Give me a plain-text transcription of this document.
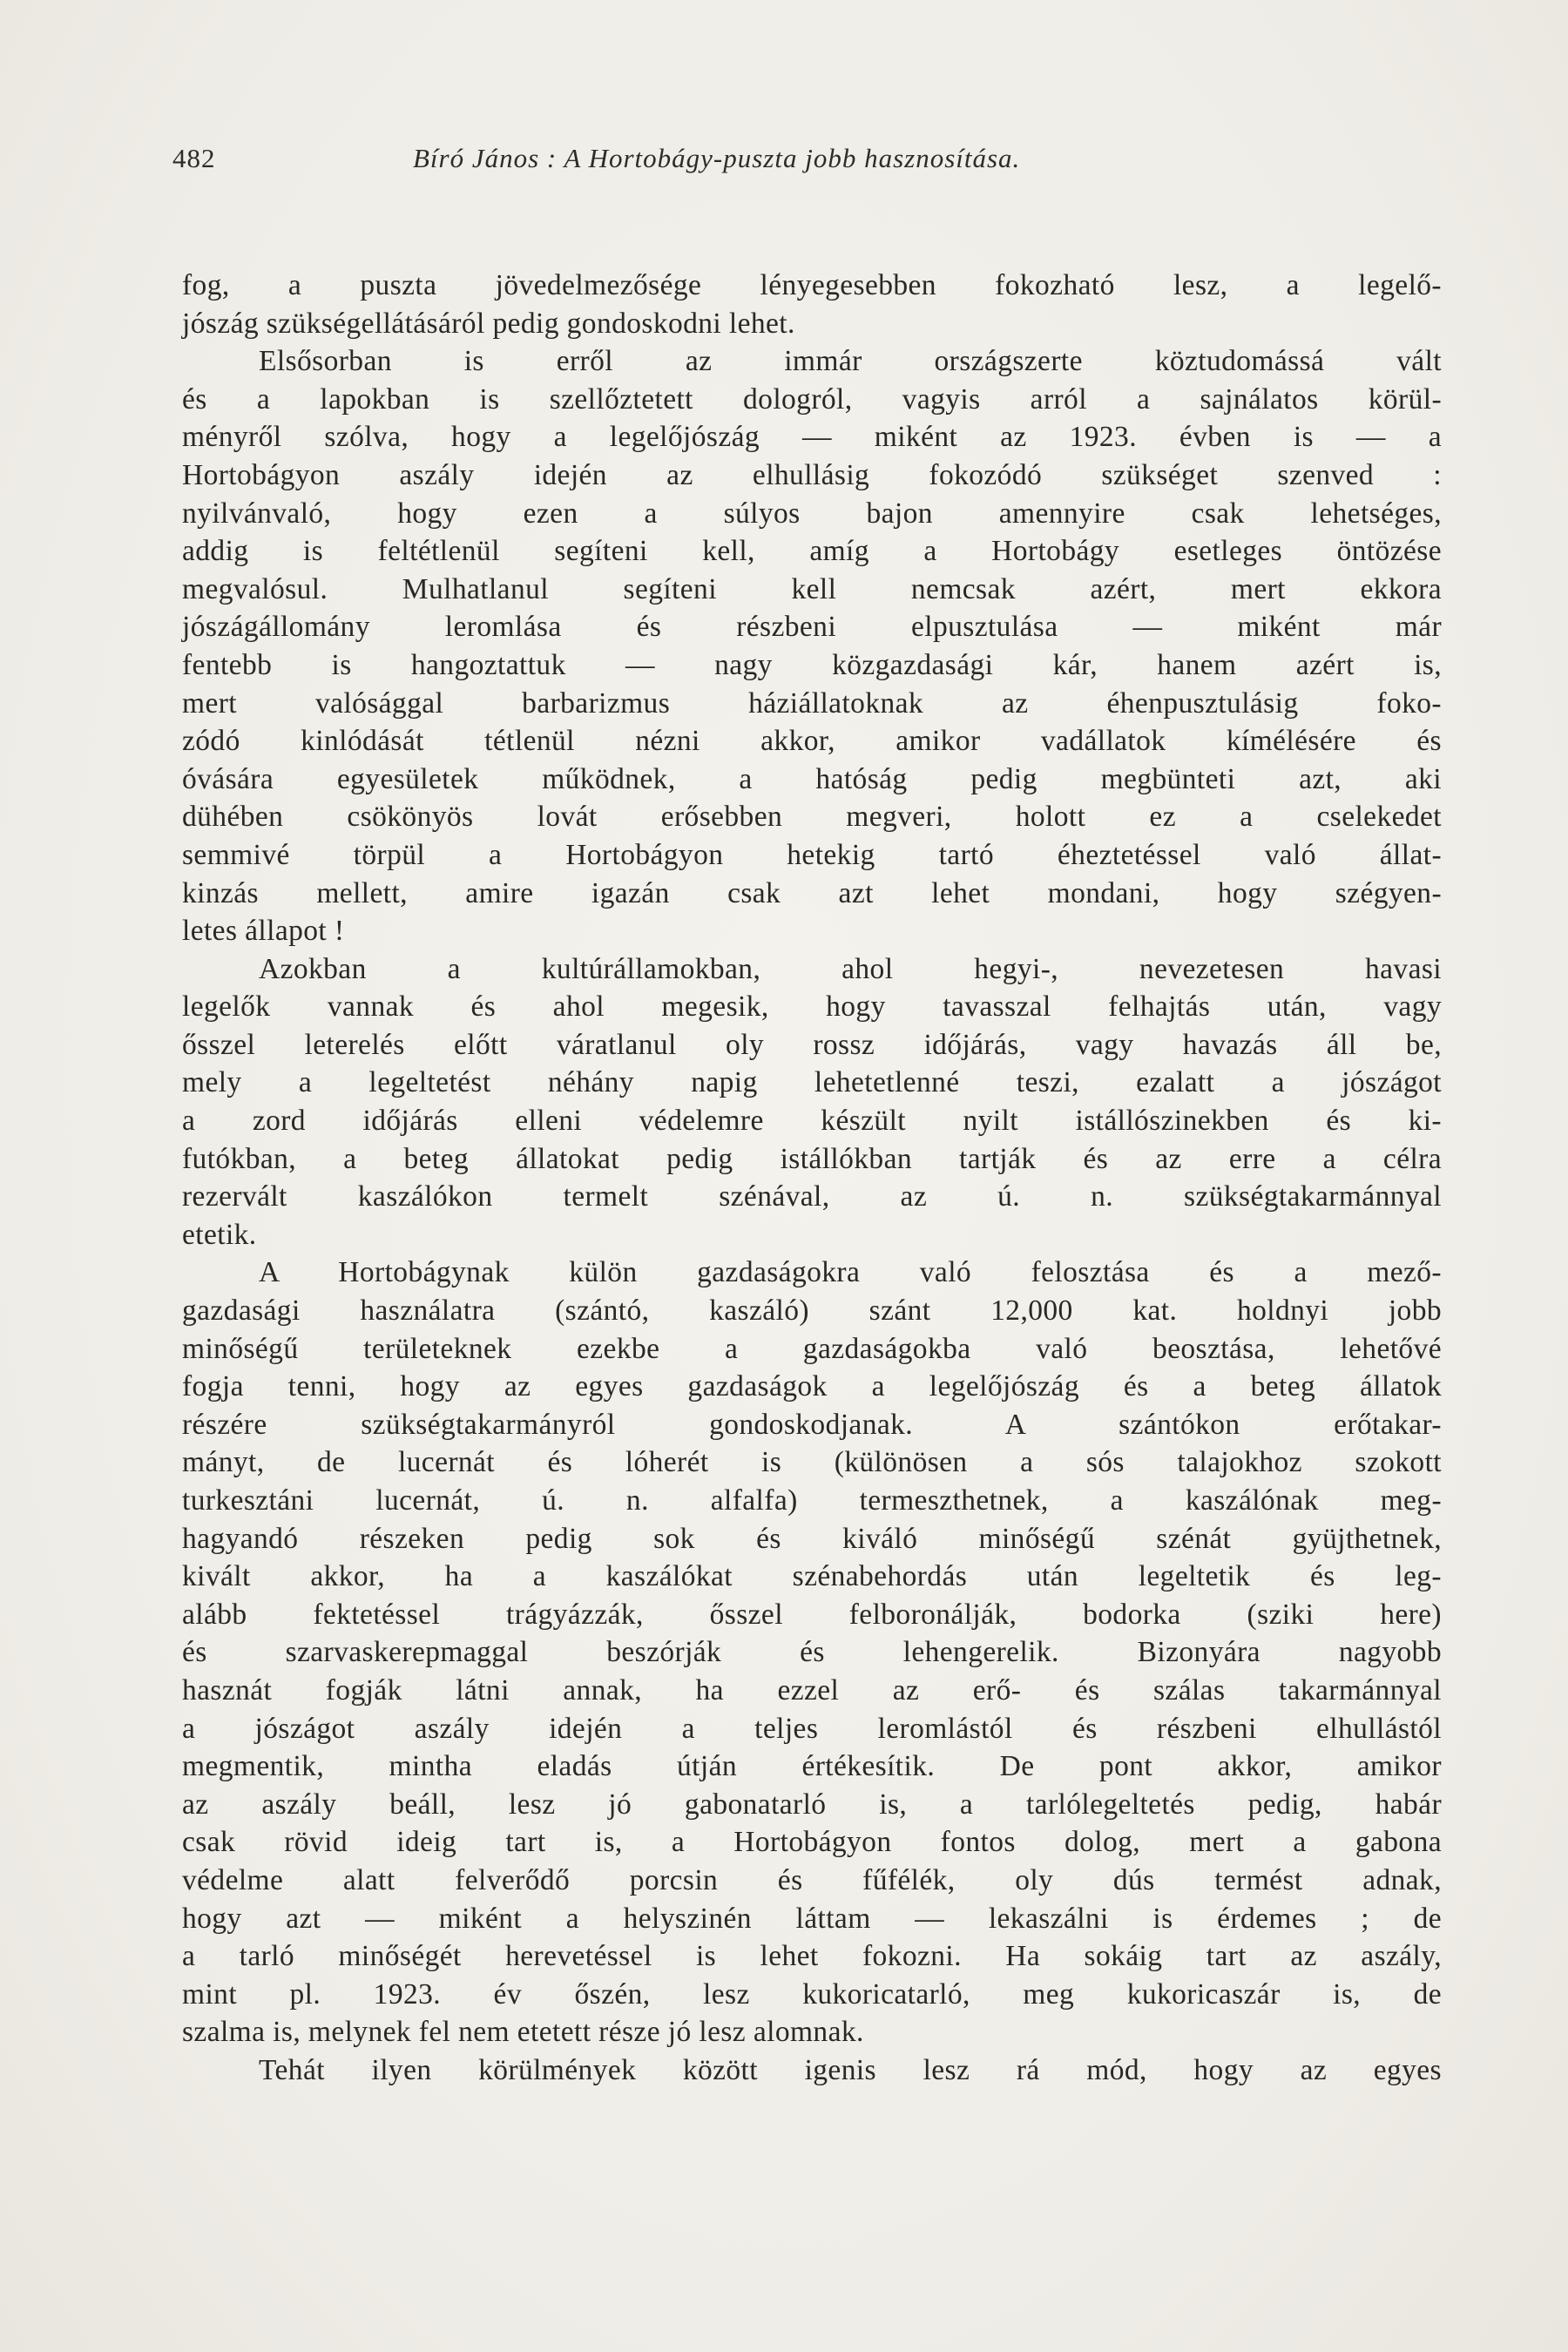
482	Bíró János : A Hortobágy-puszta jobb hasznosítása.
fog, a puszta jövedelmezősége lényegesebben fokozható lesz, a legelő-
jószág szükségellátásáról pedig gondoskodni lehet.
Elsősorban is erről az immár országszerte köztudomássá vált
és a lapokban is szellőztetett dologról, vagyis arról a sajnálatos körül-
ményről szólva, hogy a legelőjószág — miként az 1923. évben is — a
Hortobágyon aszály idején az elhullásig fokozódó szükséget szenved :
nyilvánvaló, hogy ezen a súlyos bajon amennyire csak lehetséges,
addig is feltétlenül segíteni kell, amíg a Hortobágy esetleges öntözése
megvalósul. Mulhatlanul segíteni kell nemcsak azért, mert ekkora
jószágállomány leromlása és részbeni elpusztulása — miként már
fentebb is hangoztattuk — nagy közgazdasági kár, hanem azért is,
mert valósággal barbarizmus háziállatoknak az éhenpusztulásig foko-
zódó kinlódását tétlenül nézni akkor, amikor vadállatok kímélésére és
óvására egyesületek működnek, a hatóság pedig megbünteti azt, aki
dühében csökönyös lovát erősebben megveri, holott ez a cselekedet
semmivé törpül a Hortobágyon hetekig tartó éheztetéssel való állat-
kinzás mellett, amire igazán csak azt lehet mondani, hogy szégyen-
letes állapot !
Azokban a kultúrállamokban, ahol hegyi-, nevezetesen havasi
legelők vannak és ahol megesik, hogy tavasszal felhajtás után, vagy
ősszel leterelés előtt váratlanul oly rossz időjárás, vagy havazás áll be,
mely a legeltetést néhány napig lehetetlenné teszi, ezalatt a jószágot
a zord időjárás elleni védelemre készült nyilt istállószinekben és ki-
futókban, a beteg állatokat pedig istállókban tartják és az erre a célra
rezervált kaszálókon termelt szénával, az ú. n. szükségtakarmánnyal
etetik.
A Hortobágynak külön gazdaságokra való felosztása és a mező-
gazdasági használatra (szántó, kaszáló) szánt 12,000 kat. holdnyi jobb
minőségű területeknek ezekbe a gazdaságokba való beosztása, lehetővé
fogja tenni, hogy az egyes gazdaságok a legelőjószág és a beteg állatok
részére szükségtakarmányról gondoskodjanak. A szántókon erőtakar-
mányt, de lucernát és lóherét is (különösen a sós talajokhoz szokott
turkesztáni lucernát, ú. n. alfalfa) termeszthetnek, a kaszálónak meg-
hagyandó részeken pedig sok és kiváló minőségű szénát gyüjthetnek,
kivált akkor, ha a kaszálókat szénabehordás után legeltetik és leg-
alább fektetéssel trágyázzák, ősszel felboronálják, bodorka (sziki here)
és szarvaskerepmaggal beszórják és lehengerelik. Bizonyára nagyobb
hasznát fogják látni annak, ha ezzel az erő- és szálas takarmánnyal
a jószágot aszály idején a teljes leromlástól és részbeni elhullástól
megmentik, mintha eladás útján értékesítik. De pont akkor, amikor
az aszály beáll, lesz jó gabonatarló is, a tarlólegeltetés pedig, habár
csak rövid ideig tart is, a Hortobágyon fontos dolog, mert a gabona
védelme alatt felverődő porcsin és fűfélék, oly dús termést adnak,
hogy azt — miként a helyszinén láttam — lekaszálni is érdemes ; de
a tarló minőségét herevetéssel is lehet fokozni. Ha sokáig tart az aszály,
mint pl. 1923. év őszén, lesz kukoricatarló, meg kukoricaszár is, de
szalma is, melynek fel nem etetett része jó lesz alomnak.
Tehát ilyen körülmények között igenis lesz rá mód, hogy az egyes
